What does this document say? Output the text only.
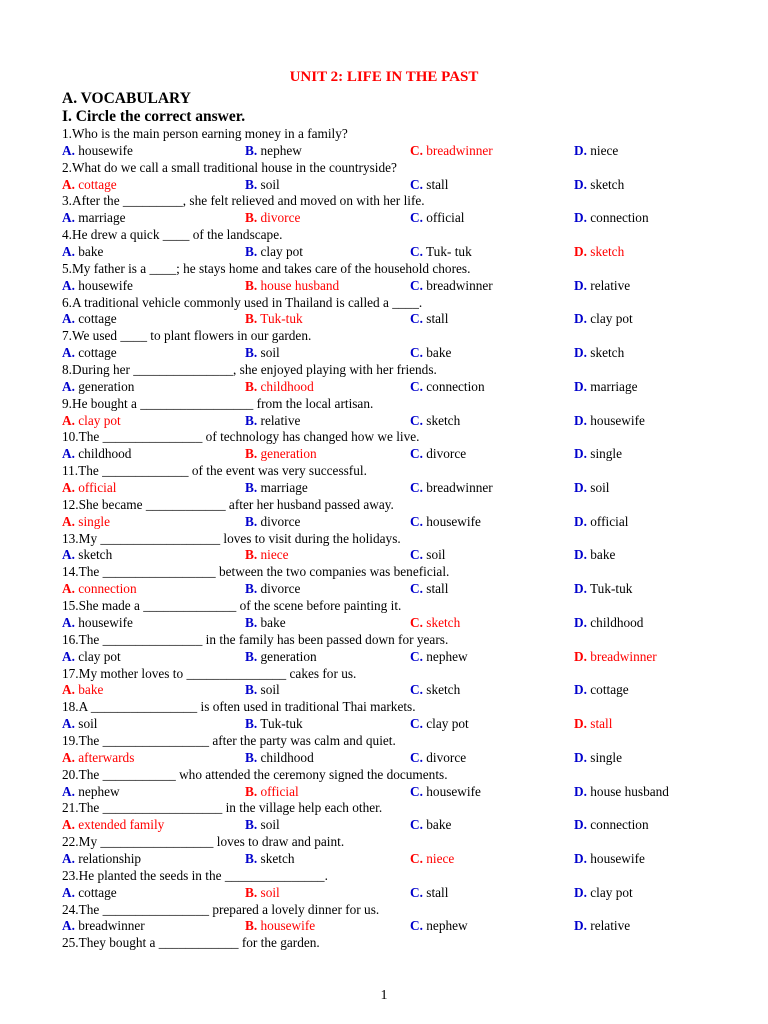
UNIT 2: LIFE IN THE PAST
A. VOCABULARY
I. Circle the correct answer.
1.Who is the main person earning money in a family?
A. housewife	B. nephew	C. breadwinner	D. niece
2.What do we call a small traditional house in the countryside?
A. cottage	B. soil	C. stall	D. sketch
3.After the _________, she felt relieved and moved on with her life.
A. marriage	B. divorce	C. official	D. connection
4.He drew a quick ____ of the landscape.
A. bake	B. clay pot	C. Tuk- tuk	D. sketch
5.My father is a ____; he stays home and takes care of the household chores.
A. housewife	B. house husband	C. breadwinner	D. relative
6.A traditional vehicle commonly used in Thailand is called a ____.
A. cottage	B. Tuk-tuk	C. stall	D. clay pot
7.We used ____ to plant flowers in our garden.
A. cottage	B. soil	C. bake	D. sketch
8.During her _______________, she enjoyed playing with her friends.
A. generation	B. childhood	C. connection	D. marriage
9.He bought a _________________ from the local artisan.
A. clay pot	B. relative	C. sketch	D. housewife
10.The _______________ of technology has changed how we live.
A. childhood	B. generation	C. divorce	D. single
11.The _____________ of the event was very successful.
A. official	B. marriage	C. breadwinner	D. soil
12.She became ____________ after her husband passed away.
A. single	B. divorce	C. housewife	D. official
13.My __________________ loves to visit during the holidays.
A. sketch	B. niece	C. soil	D. bake
14.The _________________ between the two companies was beneficial.
A. connection	B. divorce	C. stall	D. Tuk-tuk
15.She made a ______________ of the scene before painting it.
A. housewife	B. bake	C. sketch	D. childhood
16.The _______________ in the family has been passed down for years.
A. clay pot	B. generation	C. nephew	D. breadwinner
17.My mother loves to _______________ cakes for us.
A. bake	B. soil	C. sketch	D. cottage
18.A ________________ is often used in traditional Thai markets.
A. soil	B. Tuk-tuk	C. clay pot	D. stall
19.The ________________ after the party was calm and quiet.
A. afterwards	B. childhood	C. divorce	D. single
20.The ___________ who attended the ceremony signed the documents.
A. nephew	B. official	C. housewife	D. house husband
21.The __________________ in the village help each other.
A. extended family	B. soil	C. bake	D. connection
22.My _________________ loves to draw and paint.
A. relationship	B. sketch	C. niece	D. housewife
23.He planted the seeds in the _______________.
A. cottage	B. soil	C. stall	D. clay pot
24.The ________________ prepared a lovely dinner for us.
A. breadwinner	B. housewife	C. nephew	D. relative
25.They bought a ____________ for the garden.
1
